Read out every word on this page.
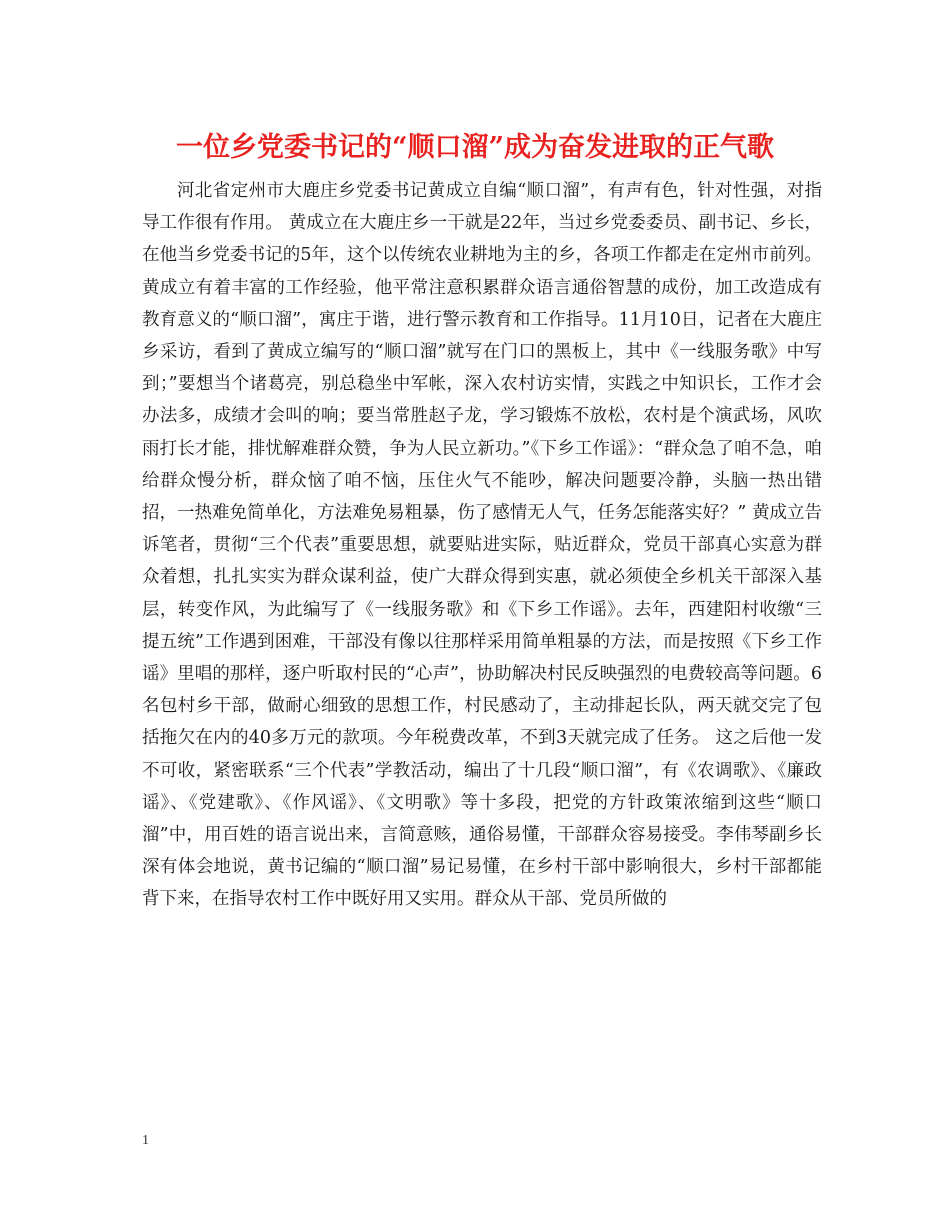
一位乡党委书记的“顺口溜”成为奋发进取的正气歌

河北省定州市大鹿庄乡党委书记黄成立自编“顺口溜”，有声有色，针对性强，对指导工作很有作用。 黄成立在大鹿庄乡一干就是22年，当过乡党委委员、副书记、乡长，在他当乡党委书记的5年，这个以传统农业耕地为主的乡，各项工作都走在定州市前列。 黄成立有着丰富的工作经验，他平常注意积累群众语言通俗智慧的成份，加工改造成有教育意义的“顺口溜”，寓庄于谐，进行警示教育和工作指导。11月10日，记者在大鹿庄乡采访，看到了黄成立编写的“顺口溜”就写在门口的黑板上，其中《一线服务歌》中写到；”要想当个诸葛亮，别总稳坐中军帐，深入农村访实情，实践之中知识长，工作才会办法多，成绩才会叫的响；要当常胜赵子龙，学习锻炼不放松，农村是个演武场，风吹雨打长才能，排忧解难群众赞，争为人民立新功。”《下乡工作谣》：“群众急了咱不急，咱给群众慢分析，群众恼了咱不恼，压住火气不能吵，解决问题要冷静，头脑一热出错招，一热难免简单化，方法难免易粗暴，伤了感情无人气，任务怎能落实好？” 黄成立告诉笔者，贯彻“三个代表”重要思想，就要贴进实际，贴近群众，党员干部真心实意为群众着想，扎扎实实为群众谋利益，使广大群众得到实惠，就必须使全乡机关干部深入基层，转变作风，为此编写了《一线服务歌》和《下乡工作谣》。去年，西建阳村收缴“三提五统”工作遇到困难，干部没有像以往那样采用简单粗暴的方法，而是按照《下乡工作谣》里唱的那样，逐户听取村民的“心声”，协助解决村民反映强烈的电费较高等问题。6名包村乡干部，做耐心细致的思想工作，村民感动了，主动排起长队，两天就交完了包括拖欠在内的40多万元的款项。今年税费改革，不到3天就完成了任务。 这之后他一发不可收，紧密联系“三个代表”学教活动，编出了十几段“顺口溜”，有《农调歌》、《廉政谣》、《党建歌》、《作风谣》、《文明歌》等十多段，把党的方针政策浓缩到这些“顺口溜”中，用百姓的语言说出来，言简意赅，通俗易懂，干部群众容易接受。李伟琴副乡长深有体会地说，黄书记编的“顺口溜”易记易懂，在乡村干部中影响很大，乡村干部都能背下来，在指导农村工作中既好用又实用。群众从干部、党员所做的

1
